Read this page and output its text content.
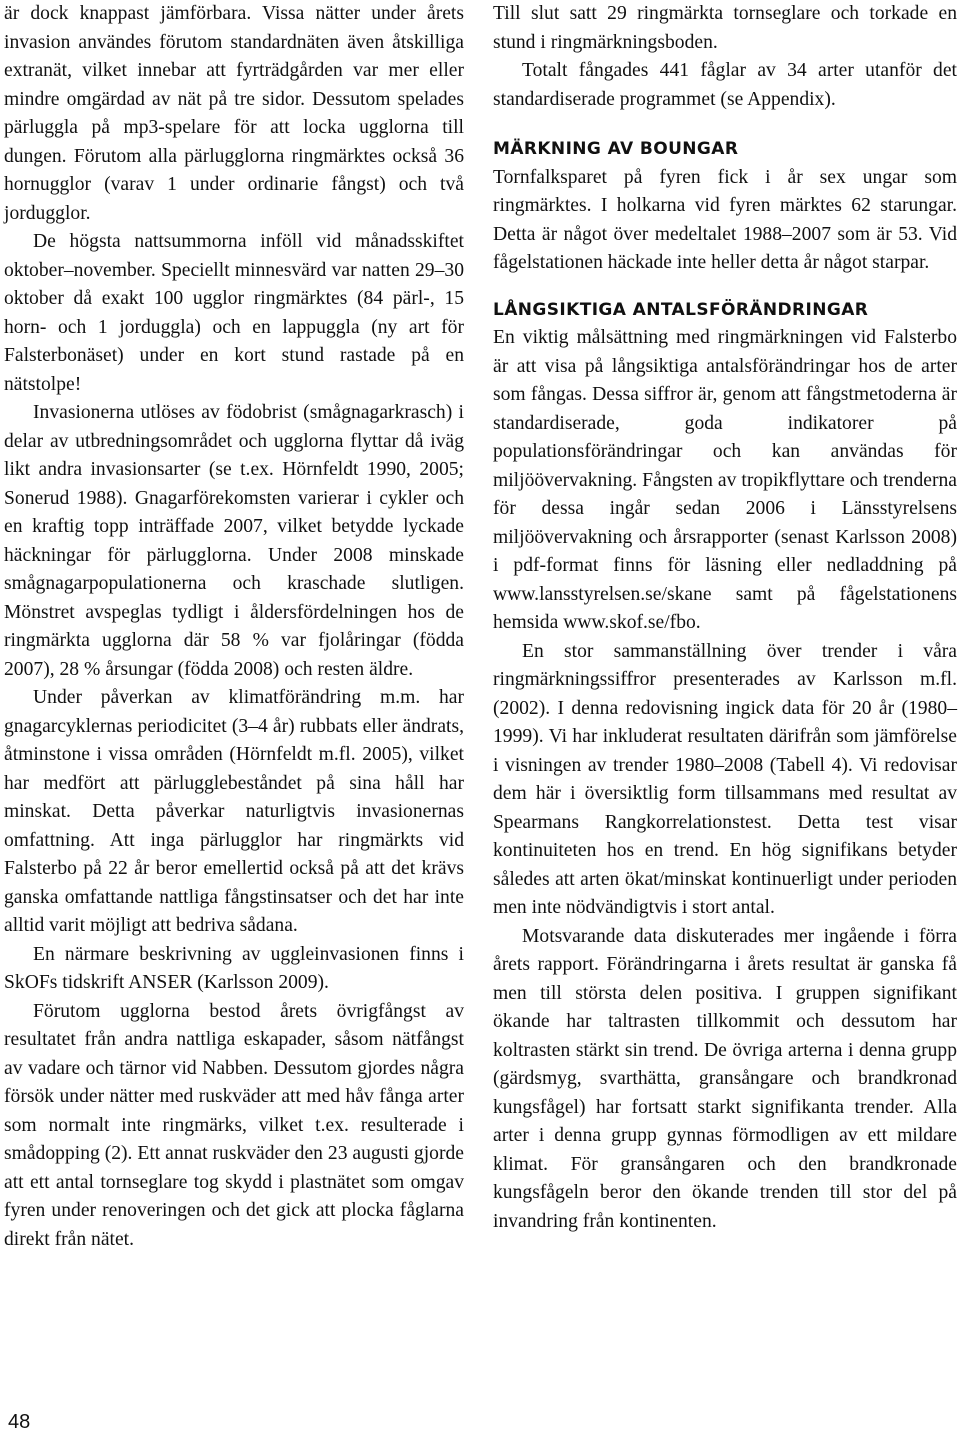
är dock knappast jämförbara. Vissa nätter under årets invasion användes förutom standardnäten även åtskilliga extranät, vilket innebar att fyrträdgården var mer eller mindre omgärdad av nät på tre sidor. Dessutom spelades pärluggla på mp3-spelare för att locka ugglorna till dungen. Förutom alla pärlugglorna ringmärktes också 36 hornugglor (varav 1 under ordinarie fångst) och två jordugglor.

De högsta nattsummorna inföll vid månadsskiftet oktober–november. Speciellt minnesvärd var natten 29–30 oktober då exakt 100 ugglor ringmärktes (84 pärl-, 15 horn- och 1 jorduggla) och en lappuggla (ny art för Falsterbonäset) under en kort stund rastade på en nätstolpe!

Invasionerna utlöses av födobrist (smågnagarkrasch) i delar av utbredningsområdet och ugglorna flyttar då iväg likt andra invasionsarter (se t.ex. Hörnfeldt 1990, 2005; Sonerud 1988). Gnagarförekomsten varierar i cykler och en kraftig topp inträffade 2007, vilket betydde lyckade häckningar för pärlugglorna. Under 2008 minskade smågnagarpopulationerna och kraschade slutligen. Mönstret avspeglas tydligt i åldersfördelningen hos de ringmärkta ugglorna där 58 % var fjolåringar (födda 2007), 28 % årsungar (födda 2008) och resten äldre.

Under påverkan av klimatförändring m.m. har gnagarcyklernas periodicitet (3–4 år) rubbats eller ändrats, åtminstone i vissa områden (Hörnfeldt m.fl. 2005), vilket har medfört att pärlugglebeståndet på sina håll har minskat. Detta påverkar naturligtvis invasionernas omfattning. Att inga pärlugglor har ringmärkts vid Falsterbo på 22 år beror emellertid också på att det krävs ganska omfattande nattliga fångstinsatser och det har inte alltid varit möjligt att bedriva sådana.

En närmare beskrivning av uggleinvasionen finns i SkOFs tidskrift ANSER (Karlsson 2009).

Förutom ugglorna bestod årets övrigfångst av resultatet från andra nattliga eskapader, såsom nätfångst av vadare och tärnor vid Nabben. Dessutom gjordes några försök under nätter med ruskväder att med håv fånga arter som normalt inte ringmärks, vilket t.ex. resulterade i smådopping (2). Ett annat ruskväder den 23 augusti gjorde att ett antal tornseglare tog skydd i plastnätet som omgav fyren under renoveringen och det gick att plocka fåglarna direkt från nätet.

Till slut satt 29 ringmärkta tornseglare och torkade en stund i ringmärkningsboden.

Totalt fångades 441 fåglar av 34 arter utanför det standardiserade programmet (se Appendix).

MÄRKNING AV BOUNGAR

Tornfalksparet på fyren fick i år sex ungar som ringmärktes. I holkarna vid fyren märktes 62 starungar. Detta är något över medeltalet 1988–2007 som är 53. Vid fågelstationen häckade inte heller detta år något starpar.

LÅNGSIKTIGA ANTALSFÖRÄNDRINGAR

En viktig målsättning med ringmärkningen vid Falsterbo är att visa på långsiktiga antalsförändringar hos de arter som fångas. Dessa siffror är, genom att fångstmetoderna är standardiserade, goda indikatorer på populationsförändringar och kan användas för miljöövervakning. Fångsten av tropikflyttare och trenderna för dessa ingår sedan 2006 i Länsstyrelsens miljöövervakning och årsrapporter (senast Karlsson 2008) i pdf-format finns för läsning eller nedladdning på www.lansstyrelsen.se/skane samt på fågelstationens hemsida www.skof.se/fbo.

En stor sammanställning över trender i våra ringmärkningssiffror presenterades av Karlsson m.fl. (2002). I denna redovisning ingick data för 20 år (1980–1999). Vi har inkluderat resultaten därifrån som jämförelse i visningen av trender 1980–2008 (Tabell 4). Vi redovisar dem här i översiktlig form tillsammans med resultat av Spearmans Rangkorrelationstest. Detta test visar kontinuiteten hos en trend. En hög signifikans betyder således att arten ökat/minskat kontinuerligt under perioden men inte nödvändigtvis i stort antal.

Motsvarande data diskuterades mer ingående i förra årets rapport. Förändringarna i årets resultat är ganska få men till största delen positiva. I gruppen signifikant ökande har taltrasten tillkommit och dessutom har koltrasten stärkt sin trend. De övriga arterna i denna grupp (gärdsmyg, svarthätta, gransångare och brandkronad kungsfågel) har fortsatt starkt signifikanta trender. Alla arter i denna grupp gynnas förmodligen av ett mildare klimat. För gransångaren och den brandkronade kungsfågeln beror den ökande trenden till stor del på invandring från kontinenten.

48
